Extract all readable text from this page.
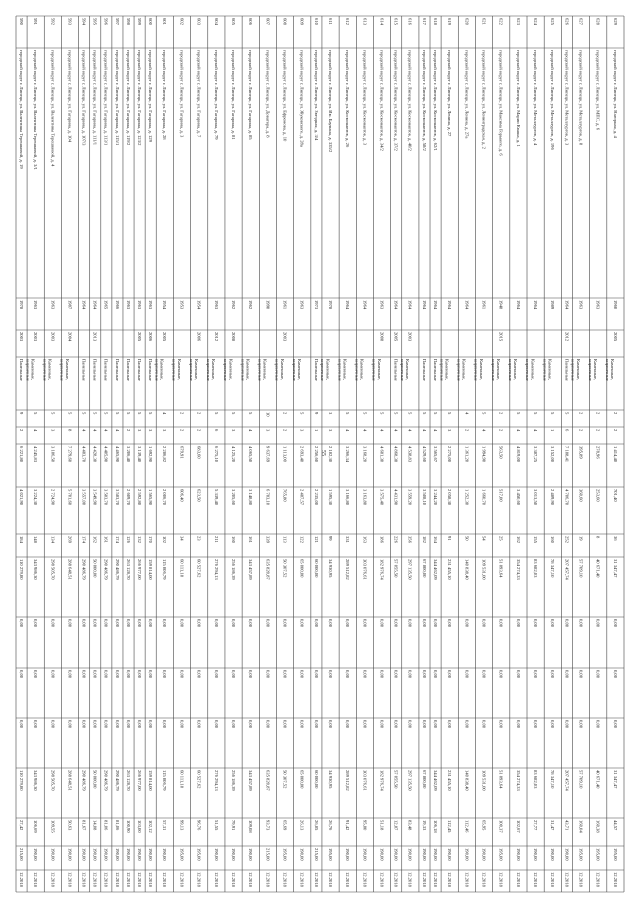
590
городской округ г. Липецк, ул. Валентины Терешковой, д. 19
1978
2003
Панельные
9
2
6 221,80
4 021,90
184
110 279,00
0,00
0,00
0,00
110 279,00
27,42
215,00
12.2018
591
городской округ г. Липецк, ул. Валентины Терешковой, д. 3/1
1963
2003
Каменные,кирпичные
5
4
4 245,83
3 224,30
148
343 986,30
0,00
0,00
0,00
343 986,30
106,69
190,00
12.2018
592
городской округ г. Липецк, ул. Валентины Терешковой, д. 4
1963
2003
Каменные,кирпичные
5
3
3 186,50
2 724,90
134
298 505,70
0,00
0,00
0,00
298 505,70
109,55
190,00
12.2018
593
городской округ г. Липецк, ул. Гагарина, д. 104
1987
2004
Каменные,кирпичные
5
8
7 279,60
5 701,60
269
288 648,51
0,00
0,00
0,00
288 648,51
50,63
190,00
12.2018
594
городской округ г. Липецк, ул. Гагарина, д. 107/3
1964
Панельные
5
4
4 483,70
3 557,00
174
290 486,79
0,00
0,00
0,00
290 486,79
81,67
190,00
12.2018
595
городской округ г. Липецк, ул. Гагарина, д. 111/1
1964
2013
Панельные
5
4
4 428,30
3 549,90
162
50 000,00
0,00
0,00
0,00
50 000,00
14,08
190,00
12.2018
596
городской округ г. Липецк, ул. Гагарина, д. 113/1
1965
Панельные
5
4
4 405,90
3 583,70
161
290 486,79
0,00
0,00
0,00
290 486,79
81,06
190,00
12.2018
597
городской округ г. Липецк, ул. Гагарина, д. 115/1
1966
Панельные
5
4
4 465,90
3 583,70
174
290 486,79
0,00
0,00
0,00
290 486,79
81,06
190,00
12.2018
598
городской округ г. Липецк, ул. Гагарина, д. 119/2
1963
Панельные
5
2
3 206,40
2 609,70
126
263 128,70
0,00
0,00
0,00
263 128,70
100,90
190,00
12.2018
599
городской округ г. Липецк, ул. Гагарина, д. 123/2
1963
2005
Панельные
5
3
3 139,40
2 592,80
132
266 977,00
0,00
0,00
0,00
266 977,00
103,00
190,00
12.2018
600
городской округ г. Липецк, ул. Гагарина, д. 129
1963
2006
Панельные
5
3
1 692,90
1 565,90
170
159 814,00
0,00
0,00
0,00
159 814,00
102,12
190,00
12.2018
601
городской округ г. Липецк, ул. Гагарина, д. 28
1954
2005
Каменные,кирпичные
4
3
2 286,82
2 006,70
102
115 006,79
0,00
0,00
0,00
115 006,79
57,31
190,00
12.2018
602
городской округ г. Липецк, ул. Гагарина, д. 3
1953
Каменные,кирпичные
2
2
679,91
606,40
34
60 111,18
0,00
0,00
0,00
60 111,18
99,13
195,00
12.2018
603
городской округ г. Липецк, ул. Гагарина, д. 7
1954
2006
Каменные,кирпичные
2
2
683,60
623,50
23
60 527,62
0,00
0,00
0,00
60 527,62
96,76
195,00
12.2018
604
городской округ г. Липецк, ул. Гагарина, д. 79
1963
2012
Каменные,кирпичные
5
6
6 275,10
5 339,40
211
276 294,13
0,00
0,00
0,00
276 294,13
51,55
190,00
12.2018
605
городской округ г. Липецк, ул. Гагарина, д. 81
1962
2008
Каменные,кирпичные
5
3
4 125,20
3 205,60
160
256 186,39
0,00
0,00
0,00
256 186,39
79,91
190,00
12.2018
606
городской округ г. Липецк, ул. Гагарина, д. 85
1962
Каменные,кирпичные
5
4
4 065,50
3 148,80
161
343 457,89
0,00
0,00
0,00
343 457,89
109,08
190,00
12.2018
607
городской округ г. Липецк, ул. Доватора, д. 8
1990
Каменные,кирпичные
10
3
9 637,69
6 783,10
339
635 820,87
0,00
0,00
0,00
635 820,87
93,73
215,00
12.2018
608
городской округ г. Липецк, ул. Ефремова, д. 10
1961
2003
Каменные,кирпичные
2
2
1 113,00
765,80
113
50 307,52
0,00
0,00
0,00
50 307,52
65,69
195,00
12.2018
609
городской округ г. Липецк, ул. Жуковского, д. 28а
1963
Каменные,кирпичные
5
3
2 693,40
2 487,57
122
65 000,00
0,00
0,00
0,00
65 000,00
26,13
190,00
12.2018
610
городской округ г. Липецк, ул. Звездная, д. 3/4
1973
Панельные
9
1
2 256,60
2 235,00
121
60 000,00
0,00
0,00
0,00
60 000,00
26,85
215,00
12.2018
611
городской округ г. Липецк, ул. Им. Баумана, д. 335/2
1978
Каменные,кирпичные
3
3
2 182,30
1 595,30
99
34 930,95
0,00
0,00
0,00
34 930,95
26,76
195,00
12.2018
612
городской округ г. Липецк, ул. Космонавтов, д. 26
1964
Каменные,кирпичные
5
4
3 266,34
3 166,80
331
289 512,82
0,00
0,00
0,00
289 512,82
91,42
190,00
12.2018
613
городской округ г. Липецк, ул. Космонавтов, д. 3
1964
Каменные,кирпичные
5
4
3 168,20
3 163,80
163
303 076,61
0,00
0,00
0,00
303 076,61
95,80
190,00
12.2018
614
городской округ г. Липецк, ул. Космонавтов, д. 34/2
1963
2008
Каменные,кирпичные
5
4
4 681,30
3 575,40
186
182 976,74
0,00
0,00
0,00
182 976,74
51,18
190,00
12.2018
615
городской округ г. Липецк, ул. Космонавтов, д. 37/2
1964
2005
Панельные
5
4
4 868,38
4 431,90
226
57 055,50
0,00
0,00
0,00
57 055,50
12,87
190,00
12.2018
616
городской округ г. Липецк, ул. Космонавтов, д. 40/2
1964
2003
Каменные,кирпичные
5
4
4 538,83
3 559,20
356
297 135,50
0,00
0,00
0,00
297 135,50
83,48
190,00
12.2018
617
городской округ г. Липецк, ул. Космонавтов, д. 58/2
1964
Панельные
5
4
4 529,60
3 508,10
182
67 800,00
0,00
0,00
0,00
67 800,00
19,33
190,00
12.2018
618
городской округ г. Липецк, ул. Космонавтов, д. 62/1
1964
Панельные
5
4
3 565,67
3 244,20
164
344 462,09
0,00
0,00
0,00
344 462,09
106,18
190,00
12.2018
619
городской округ г. Липецк, ул. Ленина, д. 27
1964
Каменные,кирпичные
5
3
2 275,00
2 058,30
91
231 455,10
0,00
0,00
0,00
231 455,10
112,45
190,00
12.2018
620
городской округ г. Липецк, ул. Ленина, д. 27а
1964
Каменные,кирпичные
4
2
1 361,20
1 252,30
50
140 838,40
0,00
0,00
0,00
140 838,40
112,46
190,00
12.2018
621
городской округ г. Липецк, ул. Ленинградская, д. 2
1961
Каменные,кирпичные
5
4
1 994,90
1 660,70
54
109 531,00
0,00
0,00
0,00
109 531,00
65,95
190,00
12.2018
622
городской округ г. Липецк, ул. Максима Горького, д. 6
1948
2015
Каменные,кирпичные
2
2
563,50
517,00
25
51 893,64
0,00
0,00
0,00
51 893,64
100,37
195,00
12.2018
623
городской округ г. Липецк, ул. Марии Кваша, д. 1
1964
Каменные,кирпичные
5
4
4 819,00
3 450,60
162
354 274,33
0,00
0,00
0,00
354 274,33
102,67
190,00
12.2018
624
городской округ г. Липецк, ул. Металлургов, д. 4
1964
Каменные,кирпичные
5
4
3 387,25
3 013,50
155
83 682,03
0,00
0,00
0,00
83 682,03
27,77
190,00
12.2018
625
городской округ г. Липецк, ул. Металлургов, д. 196
1989
Каменные,кирпичные
5
1
3 152,00
2 489,90
160
78 347,10
0,00
0,00
0,00
78 347,10
31,47
190,00
12.2018
626
городской округ г. Липецк, ул. Металлургов, д. 3
1964
2012
Панельные
5
6
7 188,41
4 706,70
252
207 457,74
0,00
0,00
0,00
207 457,74
43,71
190,00
12.2018
627
городской округ г. Липецк, ул. Металлургов, д. 8
1963
Каменные,кирпичные
2
2
395,89
360,60
19
57 709,10
0,00
0,00
0,00
57 709,10
160,04
195,00
12.2018
628
городской округ г. Липецк, ул. МПС, д. 6
1963
Каменные,кирпичные
2
2
278,96
253,60
8
40 671,40
0,00
0,00
0,00
40 671,40
160,38
195,00
12.2018
629
городской округ г. Липецк, ул. Нагорная, д. 4
1960
2005
Каменные,кирпичные
2
2
1 414,40
701,40
36
31 347,47
0,00
0,00
0,00
31 347,47
44,57
195,00
12.2018
55
